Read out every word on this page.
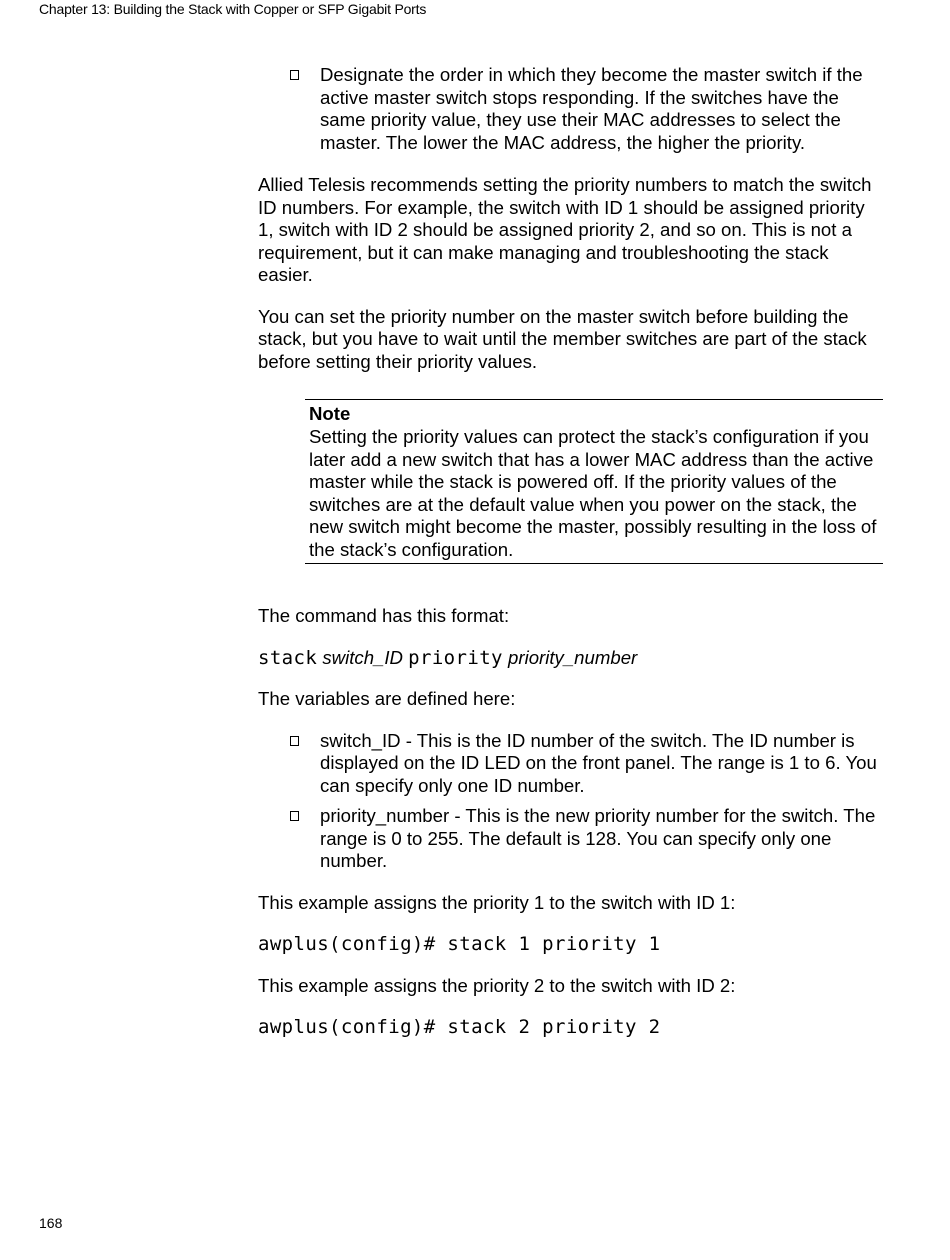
Chapter 13: Building the Stack with Copper or SFP Gigabit Ports
Designate the order in which they become the master switch if the active master switch stops responding. If the switches have the same priority value, they use their MAC addresses to select the master. The lower the MAC address, the higher the priority.

Allied Telesis recommends setting the priority numbers to match the switch ID numbers. For example, the switch with ID 1 should be assigned priority 1, switch with ID 2 should be assigned priority 2, and so on. This is not a requirement, but it can make managing and troubleshooting the stack easier.

You can set the priority number on the master switch before building the stack, but you have to wait until the member switches are part of the stack before setting their priority values.

Note
Setting the priority values can protect the stack’s configuration if you later add a new switch that has a lower MAC address than the active master while the stack is powered off. If the priority values of the switches are at the default value when you power on the stack, the new switch might become the master, possibly resulting in the loss of the stack’s configuration.

The command has this format:

stack switch_ID priority priority_number

The variables are defined here:

switch_ID - This is the ID number of the switch. The ID number is displayed on the ID LED on the front panel. The range is 1 to 6. You can specify only one ID number.
priority_number - This is the new priority number for the switch. The range is 0 to 255. The default is 128. You can specify only one number.

This example assigns the priority 1 to the switch with ID 1:

awplus(config)# stack 1 priority 1

This example assigns the priority 2 to the switch with ID 2:

awplus(config)# stack 2 priority 2

168
